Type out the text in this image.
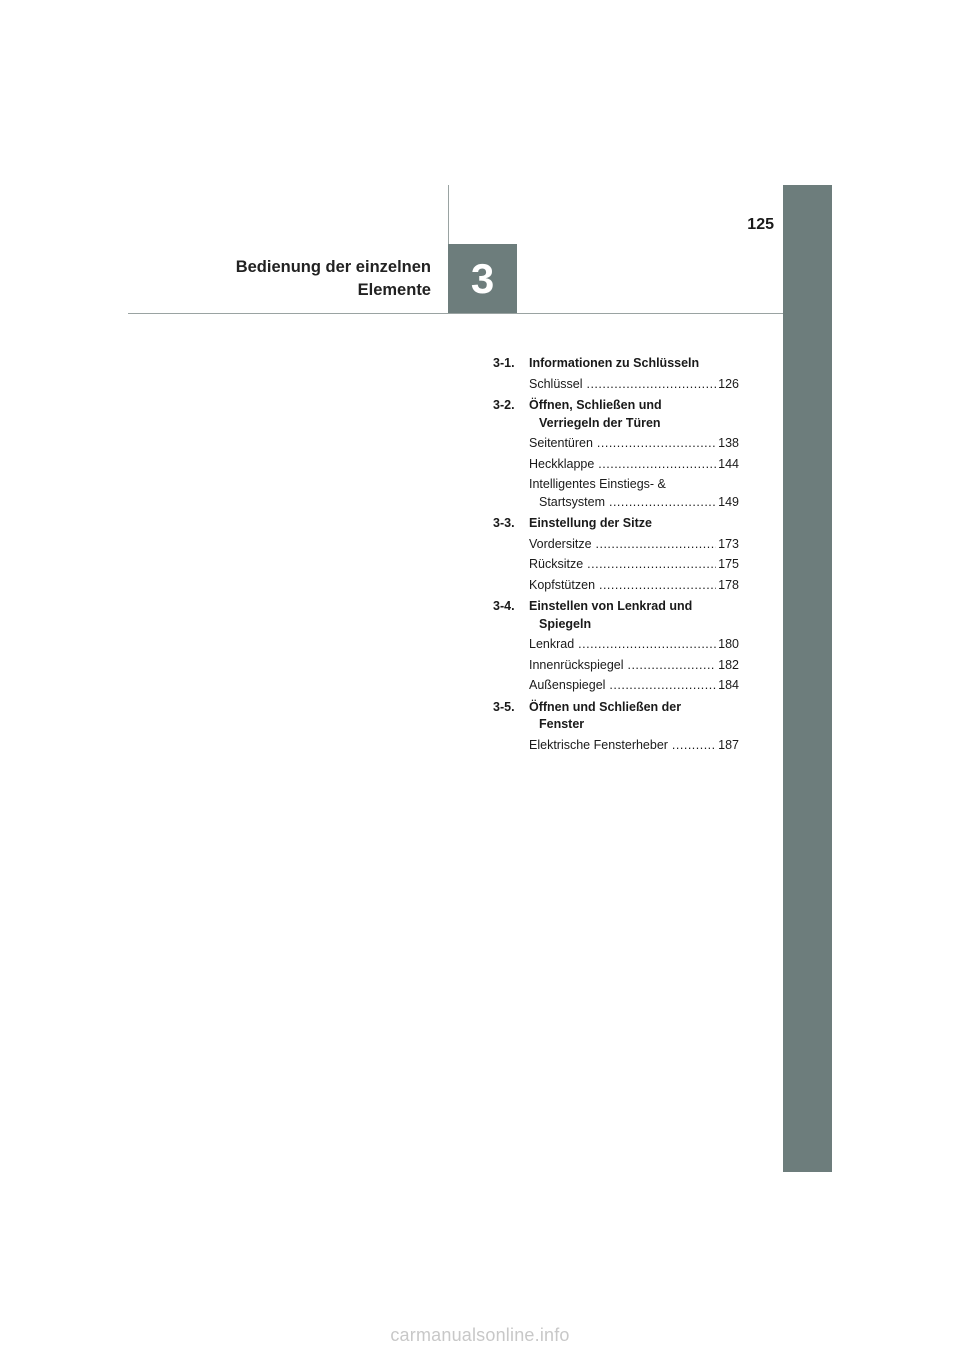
125
3
Bedienung der einzelnen
Elemente
3-1.	Informationen zu Schlüsseln
Schlüssel .....	126
3-2.	Öffnen, Schließen und
Verriegeln der Türen
Seitentüren .....	138
Heckklappe .....	144
Intelligentes Einstiegs- &

Startsystem .....	149
3-3.	Einstellung der Sitze
Vordersitze .....	173
Rücksitze .....	175
Kopfstützen .....	178
3-4.	Einstellen von Lenkrad und
Spiegeln
Lenkrad .....	180
Innenrückspiegel .....	182
Außenspiegel .....	184
3-5.	Öffnen und Schließen der
Fenster
Elektrische Fensterheber .....	187
carmanualsonline.info
